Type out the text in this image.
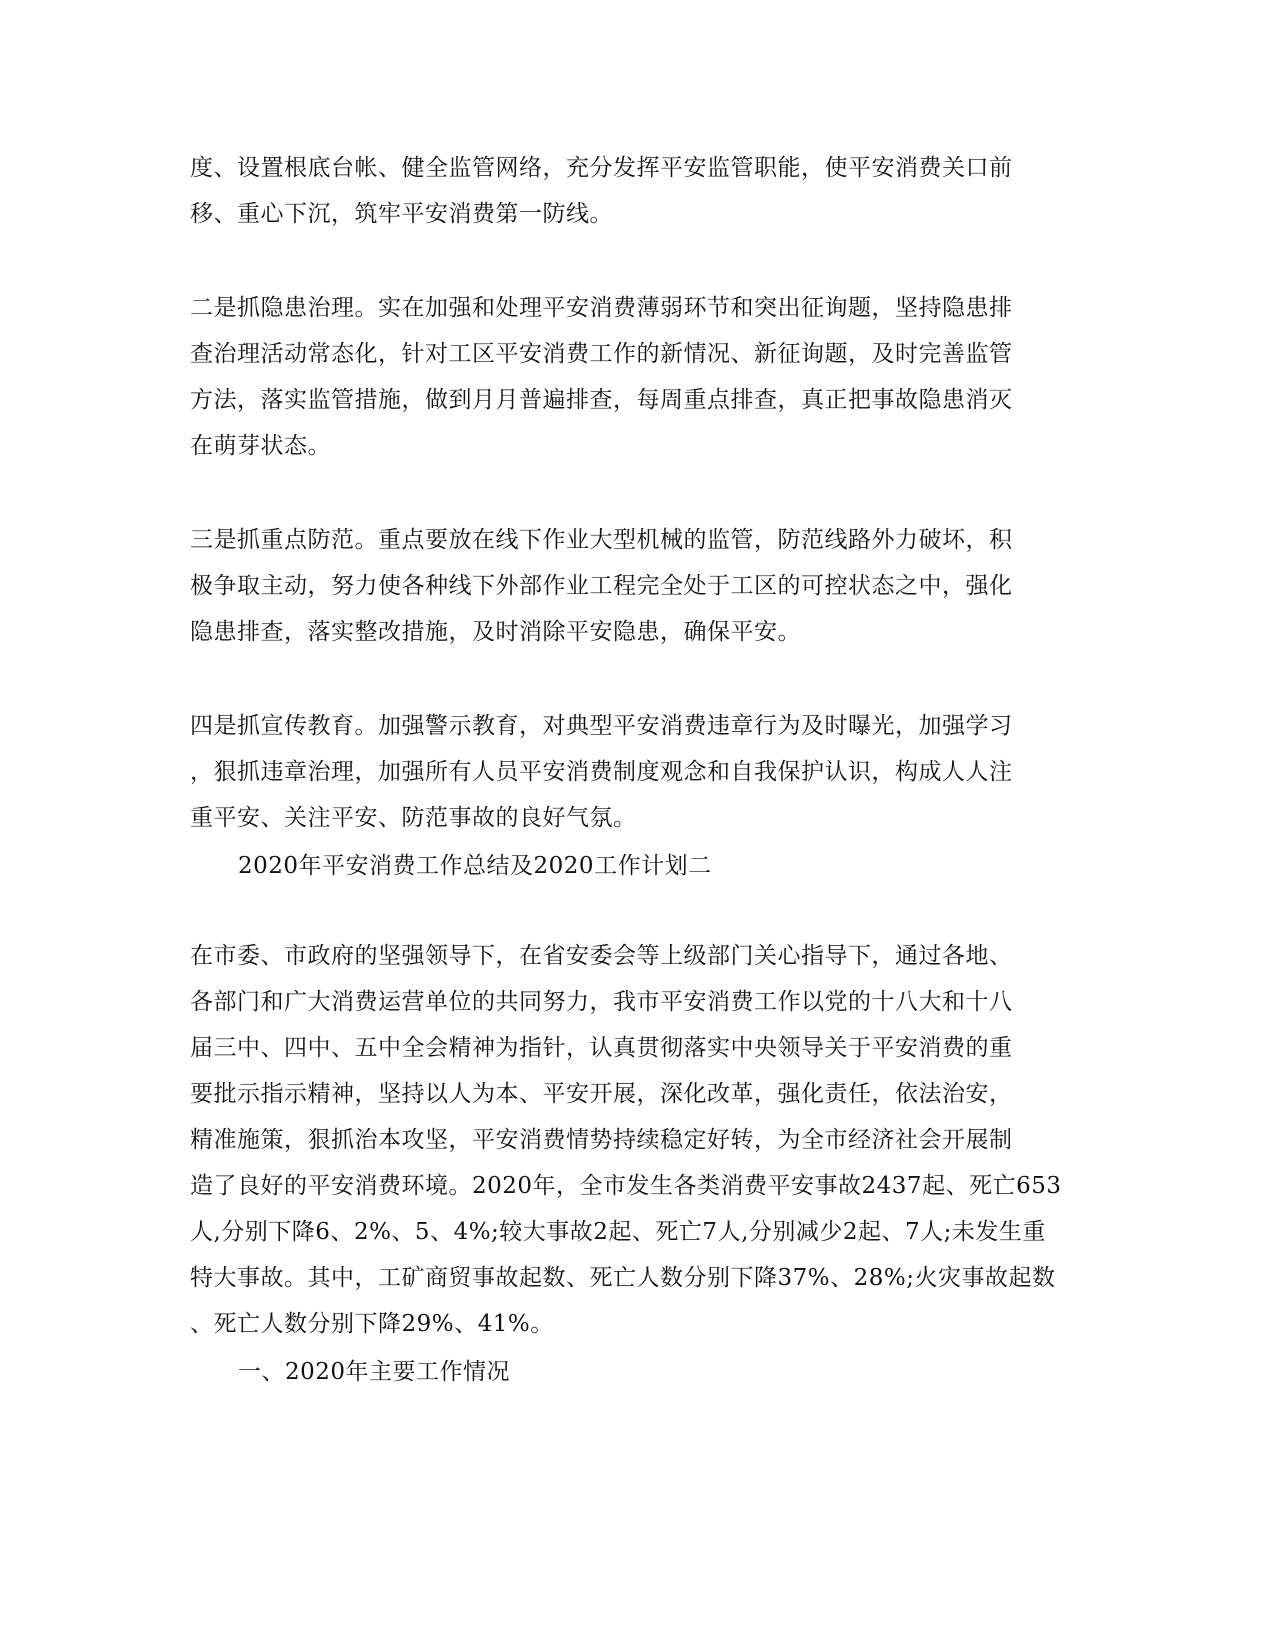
度、设置根底台帐、健全监管网络，充分发挥平安监管职能，使平安消费关口前
移、重心下沉，筑牢平安消费第一防线。
二是抓隐患治理。实在加强和处理平安消费薄弱环节和突出征询题，坚持隐患排
查治理活动常态化，针对工区平安消费工作的新情况、新征询题，及时完善监管
方法，落实监管措施，做到月月普遍排查，每周重点排查，真正把事故隐患消灭
在萌芽状态。
三是抓重点防范。重点要放在线下作业大型机械的监管，防范线路外力破坏，积
极争取主动，努力使各种线下外部作业工程完全处于工区的可控状态之中，强化
隐患排查，落实整改措施，及时消除平安隐患，确保平安。
四是抓宣传教育。加强警示教育，对典型平安消费违章行为及时曝光，加强学习
，狠抓违章治理，加强所有人员平安消费制度观念和自我保护认识，构成人人注
重平安、关注平安、防范事故的良好气氛。
2020年平安消费工作总结及2020工作计划二
在市委、市政府的坚强领导下，在省安委会等上级部门关心指导下，通过各地、
各部门和广大消费运营单位的共同努力，我市平安消费工作以党的十八大和十八
届三中、四中、五中全会精神为指针，认真贯彻落实中央领导关于平安消费的重
要批示指示精神，坚持以人为本、平安开展，深化改革，强化责任，依法治安，
精准施策，狠抓治本攻坚，平安消费情势持续稳定好转，为全市经济社会开展制
造了良好的平安消费环境。2020年，全市发生各类消费平安事故2437起、死亡653
人,分别下降6、2%、5、4%;较大事故2起、死亡7人,分别减少2起、7人;未发生重
特大事故。其中，工矿商贸事故起数、死亡人数分别下降37%、28%;火灾事故起数
、死亡人数分别下降29%、41%。
一、2020年主要工作情况
